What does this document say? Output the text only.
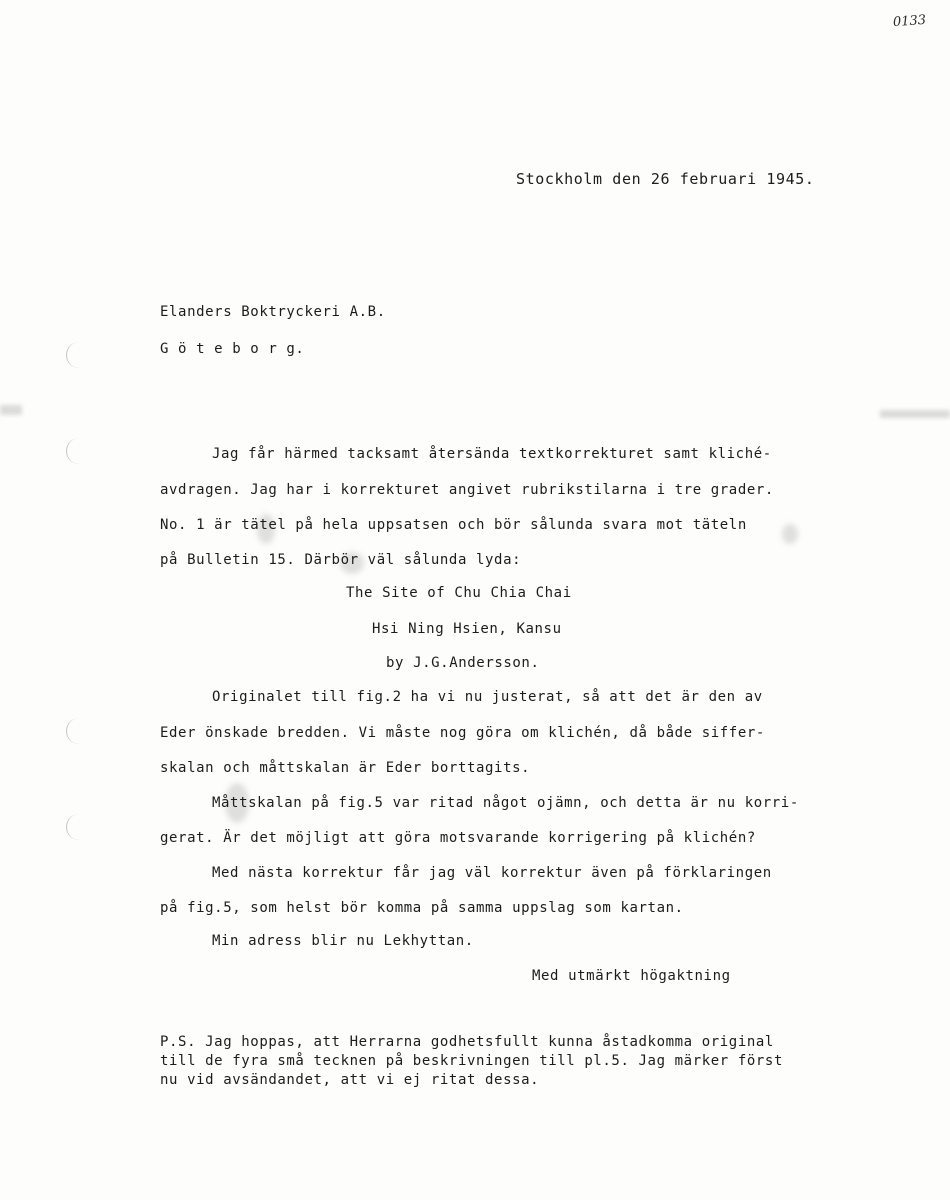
0133
Stockholm den 26 februari 1945.
Elanders Boktryckeri A.B.
G ö t e b o r g.
Jag får härmed tacksamt återsända textkorrekturet samt kliché-
avdragen. Jag har i korrekturet angivet rubrikstilarna i tre grader.
No. 1 är tätel på hela uppsatsen och bör sålunda svara mot täteln
på Bulletin 15. Därbör väl sålunda lyda:
The Site of Chu Chia Chai
Hsi Ning Hsien, Kansu
by J.G.Andersson.
Originalet till fig.2 ha vi nu justerat, så att det är den av
Eder önskade bredden. Vi måste nog göra om klichén, då både siffer-
skalan och måttskalan är Eder borttagits.
Måttskalan på fig.5 var ritad något ojämn, och detta är nu korri-
gerat. Är det möjligt att göra motsvarande korrigering på klichén?
Med nästa korrektur får jag väl korrektur även på förklaringen
på fig.5, som helst bör komma på samma uppslag som kartan.
Min adress blir nu Lekhyttan.
Med utmärkt högaktning
P.S. Jag hoppas, att Herrarna godhetsfullt kunna åstadkomma original
till de fyra små tecknen på beskrivningen till pl.5. Jag märker först
nu vid avsändandet, att vi ej ritat dessa.
